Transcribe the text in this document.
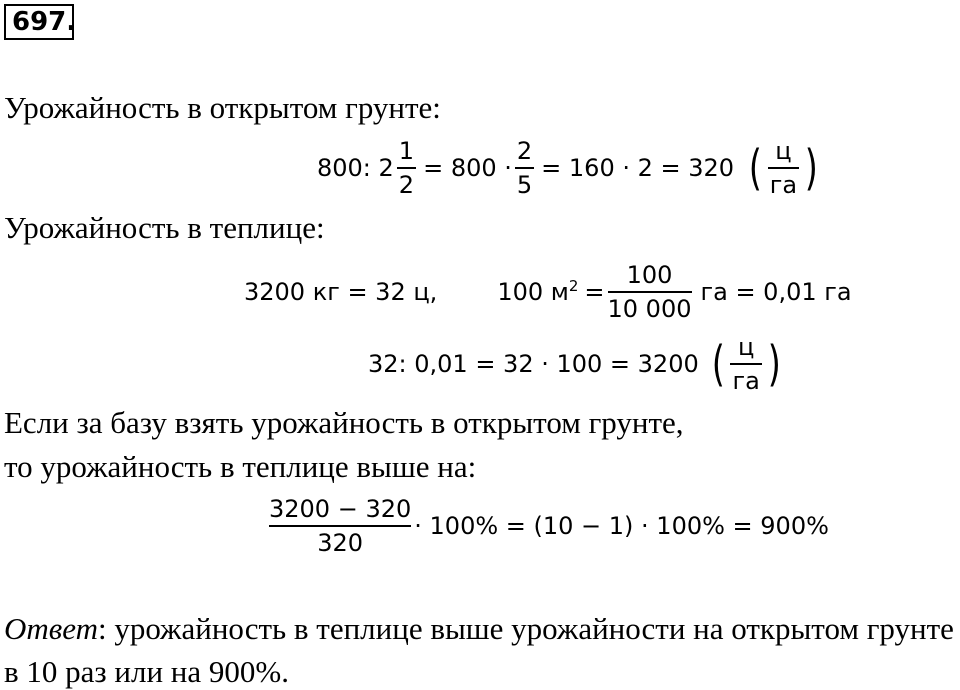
697.
Урожайность в открытом грунте:
800: $2 \frac{1}{2} = 800 \cdot \frac{2}{5} = 160 \cdot 2 = 320$ ( $\frac{ц}{га}$ )
Урожайность в теплице:
3200 кг = 32 ц,	100 $м^2 = \frac{100}{10 000}$ га = 0,01 га
32: 0,01 = 32 · 100 = 3200 ( $\frac{ц}{га}$ )
Если за базу взять урожайность в открытом грунте,
то урожайность в теплице выше на:
$\frac{3200 - 320}{320} \cdot 100\% = (10 - 1) \cdot 100\% = 900\%$
Ответ: урожайность в теплице выше урожайности на открытом грунте
в 10 раз или на 900%.
